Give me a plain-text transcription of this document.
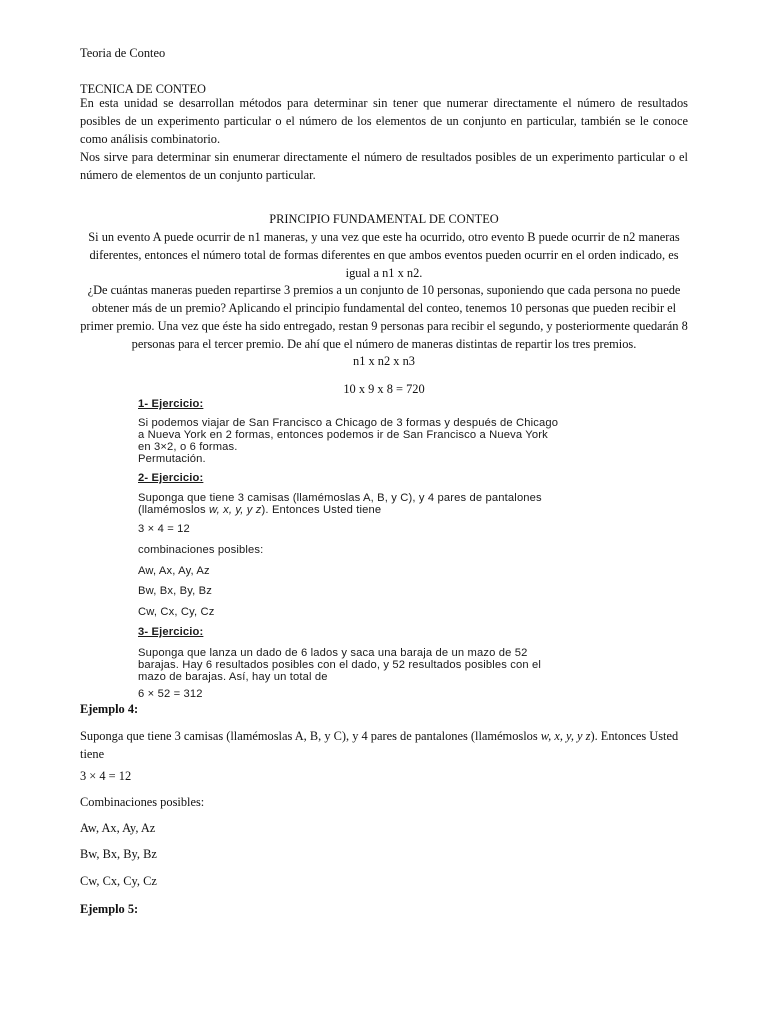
Teoria de Conteo

TECNICA DE CONTEO

En esta unidad se desarrollan métodos para determinar sin tener que numerar directamente el número de resultados posibles de un experimento particular o el número de los elementos de un conjunto en particular, también se le conoce como análisis combinatorio.

Nos sirve para determinar sin enumerar directamente el número de resultados posibles de un experimento particular o el número de elementos de un conjunto particular.

PRINCIPIO FUNDAMENTAL DE CONTEO

Si un evento A puede ocurrir de n1 maneras, y una vez que este ha ocurrido, otro evento B puede ocurrir de n2 maneras diferentes, entonces el número total de formas diferentes en que ambos eventos pueden ocurrir en el orden indicado, es igual a n1 x n2.

¿De cuántas maneras pueden repartirse 3 premios a un conjunto de 10 personas, suponiendo que cada persona no puede obtener más de un premio? Aplicando el principio fundamental del conteo, tenemos 10 personas que pueden recibir el primer premio. Una vez que éste ha sido entregado, restan 9 personas para recibir el segundo, y posteriormente quedarán 8 personas para el tercer premio. De ahí que el número de maneras distintas de repartir los tres premios.

n1 x n2 x n3

10 x 9 x 8 = 720

1- Ejercicio:

Si podemos viajar de San Francisco a Chicago de 3 formas y después de Chicago

a Nueva York en 2 formas, entonces podemos ir de San Francisco a Nueva York

en 3×2, o 6 formas.

Permutación.

2- Ejercicio:

Suponga que tiene 3 camisas (llamémoslas A, B, y C), y 4 pares de pantalones

(llamémoslos w, x, y, y z). Entonces Usted tiene

3 × 4 = 12

combinaciones posibles:

Aw, Ax, Ay, Az

Bw, Bx, By, Bz

Cw, Cx, Cy, Cz

3- Ejercicio:

Suponga que lanza un dado de 6 lados y saca una baraja de un mazo de 52

barajas. Hay 6 resultados posibles con el dado, y 52 resultados posibles con el

mazo de barajas. Así, hay un total de

6 × 52 = 312

Ejemplo 4:

Suponga que tiene 3 camisas (llamémoslas A, B, y C), y 4 pares de pantalones (llamémoslos w, x, y, y z). Entonces Usted tiene

3 × 4 = 12

Combinaciones posibles:

Aw, Ax, Ay, Az

Bw, Bx, By, Bz

Cw, Cx, Cy, Cz

Ejemplo 5:
